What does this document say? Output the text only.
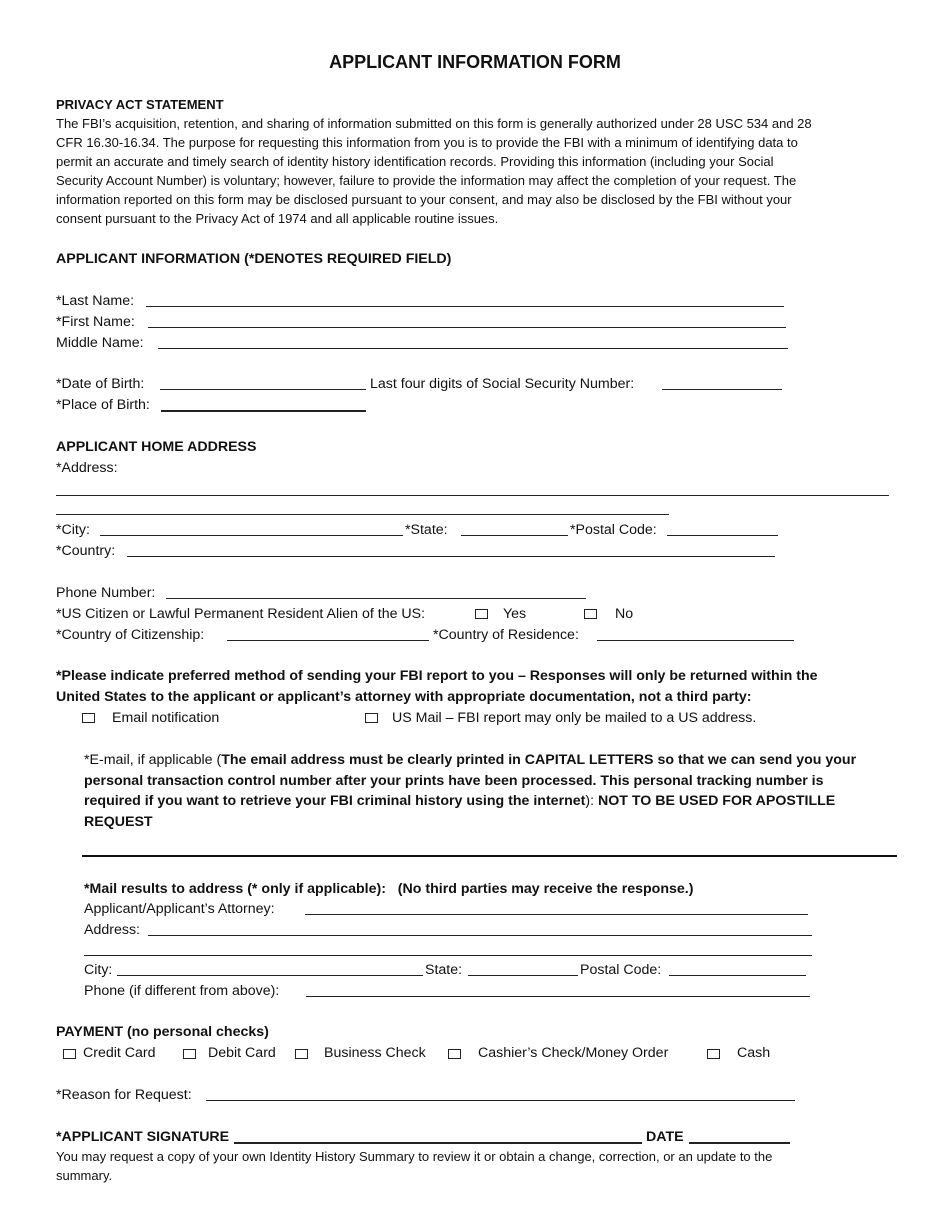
APPLICANT INFORMATION FORM
PRIVACY ACT STATEMENT
The FBI’s acquisition, retention, and sharing of information submitted on this form is generally authorized under 28 USC 534 and 28
CFR 16.30-16.34. The purpose for requesting this information from you is to provide the FBI with a minimum of identifying data to
permit an accurate and timely search of identity history identification records. Providing this information (including your Social
Security Account Number) is voluntary; however, failure to provide the information may affect the completion of your request. The
information reported on this form may be disclosed pursuant to your consent, and may also be disclosed by the FBI without your
consent pursuant to the Privacy Act of 1974 and all applicable routine issues.
APPLICANT INFORMATION (*DENOTES REQUIRED FIELD)
*Last Name:
*First Name:
Middle Name:
*Date of Birth:	Last four digits of Social Security Number:
*Place of Birth:
APPLICANT HOME ADDRESS
*Address:
*City:	*State:	*Postal Code:
*Country:
Phone Number:
*US Citizen or Lawful Permanent Resident Alien of the US:	Yes	No
*Country of Citizenship:	*Country of Residence:
*Please indicate preferred method of sending your FBI report to you – Responses will only be returned within the
United States to the applicant or applicant’s attorney with appropriate documentation, not a third party:
Email notification	US Mail – FBI report may only be mailed to a US address.
*E-mail, if applicable (The email address must be clearly printed in CAPITAL LETTERS so that we can send you your
personal transaction control number after your prints have been processed. This personal tracking number is
required if you want to retrieve your FBI criminal history using the internet): NOT TO BE USED FOR APOSTILLE
REQUEST
*Mail results to address (* only if applicable): (No third parties may receive the response.)
Applicant/Applicant’s Attorney:
Address:
City:	State:	Postal Code:
Phone (if different from above):
PAYMENT (no personal checks)
Credit Card	Debit Card	Business Check	Cashier’s Check/Money Order	Cash
*Reason for Request:
*APPLICANT SIGNATURE	DATE
You may request a copy of your own Identity History Summary to review it or obtain a change, correction, or an update to the
summary.
